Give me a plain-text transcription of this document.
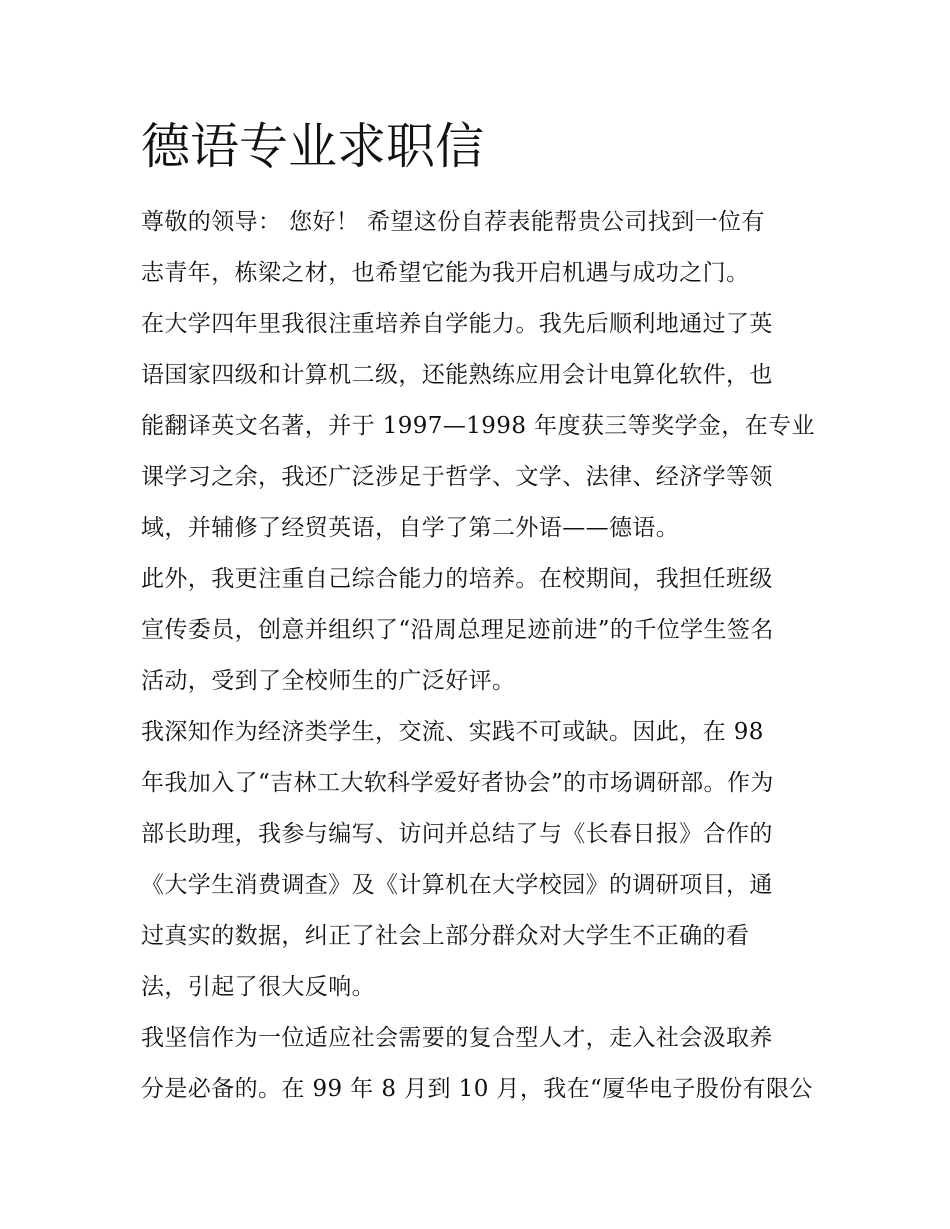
德语专业求职信

尊敬的领导： 您好！ 希望这份自荐表能帮贵公司找到一位有

志青年，栋梁之材，也希望它能为我开启机遇与成功之门。

在大学四年里我很注重培养自学能力。我先后顺利地通过了英

语国家四级和计算机二级，还能熟练应用会计电算化软件，也

能翻译英文名著，并于 1997—1998 年度获三等奖学金，在专业

课学习之余，我还广泛涉足于哲学、文学、法律、经济学等领

域，并辅修了经贸英语，自学了第二外语——德语。

此外，我更注重自己综合能力的培养。在校期间，我担任班级

宣传委员，创意并组织了“沿周总理足迹前进”的千位学生签名

活动，受到了全校师生的广泛好评。

我深知作为经济类学生，交流、实践不可或缺。因此，在 98

年我加入了“吉林工大软科学爱好者协会”的市场调研部。作为

部长助理，我参与编写、访问并总结了与《长春日报》合作的

《大学生消费调查》及《计算机在大学校园》的调研项目，通

过真实的数据，纠正了社会上部分群众对大学生不正确的看

法，引起了很大反响。

我坚信作为一位适应社会需要的复合型人才，走入社会汲取养

分是必备的。在 99 年 8 月到 10 月，我在“厦华电子股份有限公
